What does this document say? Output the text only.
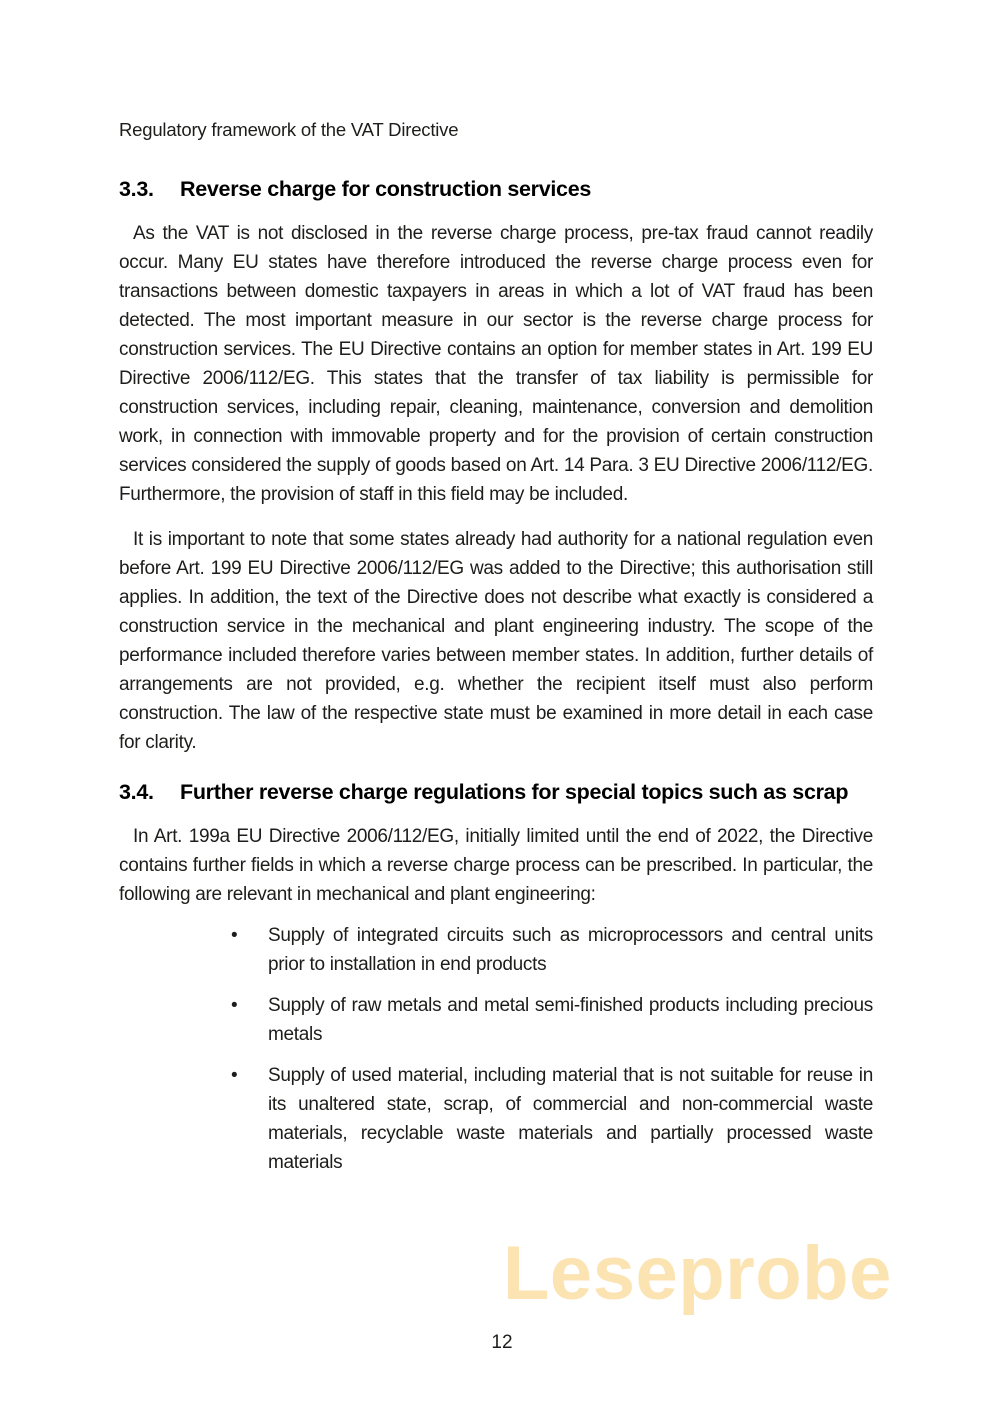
Regulatory framework of the VAT Directive
3.3.	Reverse charge for construction services

As the VAT is not disclosed in the reverse charge process, pre-tax fraud cannot readily occur. Many EU states have therefore introduced the reverse charge process even for transactions between domestic taxpayers in areas in which a lot of VAT fraud has been detected. The most important measure in our sector is the reverse charge process for construction services. The EU Directive contains an option for member states in Art. 199 EU Directive 2006/112/EG. This states that the transfer of tax liability is permissible for construction services, including repair, cleaning, maintenance, conversion and demolition work, in connection with immovable property and for the provision of certain construction services considered the supply of goods based on Art. 14 Para. 3 EU Directive 2006/112/EG. Furthermore, the provision of staff in this field may be included.

It is important to note that some states already had authority for a national regulation even before Art. 199 EU Directive 2006/112/EG was added to the Directive; this authorisation still applies. In addition, the text of the Directive does not describe what exactly is considered a construction service in the mechanical and plant engineering industry. The scope of the performance included therefore varies between member states. In addition, further details of arrangements are not provided, e.g. whether the recipient itself must also perform construction. The law of the respective state must be examined in more detail in each case for clarity.

3.4.	Further reverse charge regulations for special topics such as scrap

In Art. 199a EU Directive 2006/112/EG, initially limited until the end of 2022, the Directive contains further fields in which a reverse charge process can be prescribed. In particular, the following are relevant in mechanical and plant engineering:

• Supply of integrated circuits such as microprocessors and central units prior to installation in end products
• Supply of raw metals and metal semi-finished products including precious metals
• Supply of used material, including material that is not suitable for reuse in its unaltered state, scrap, of commercial and non-commercial waste materials, recyclable waste materials and partially processed waste materials
Leseprobe
12
